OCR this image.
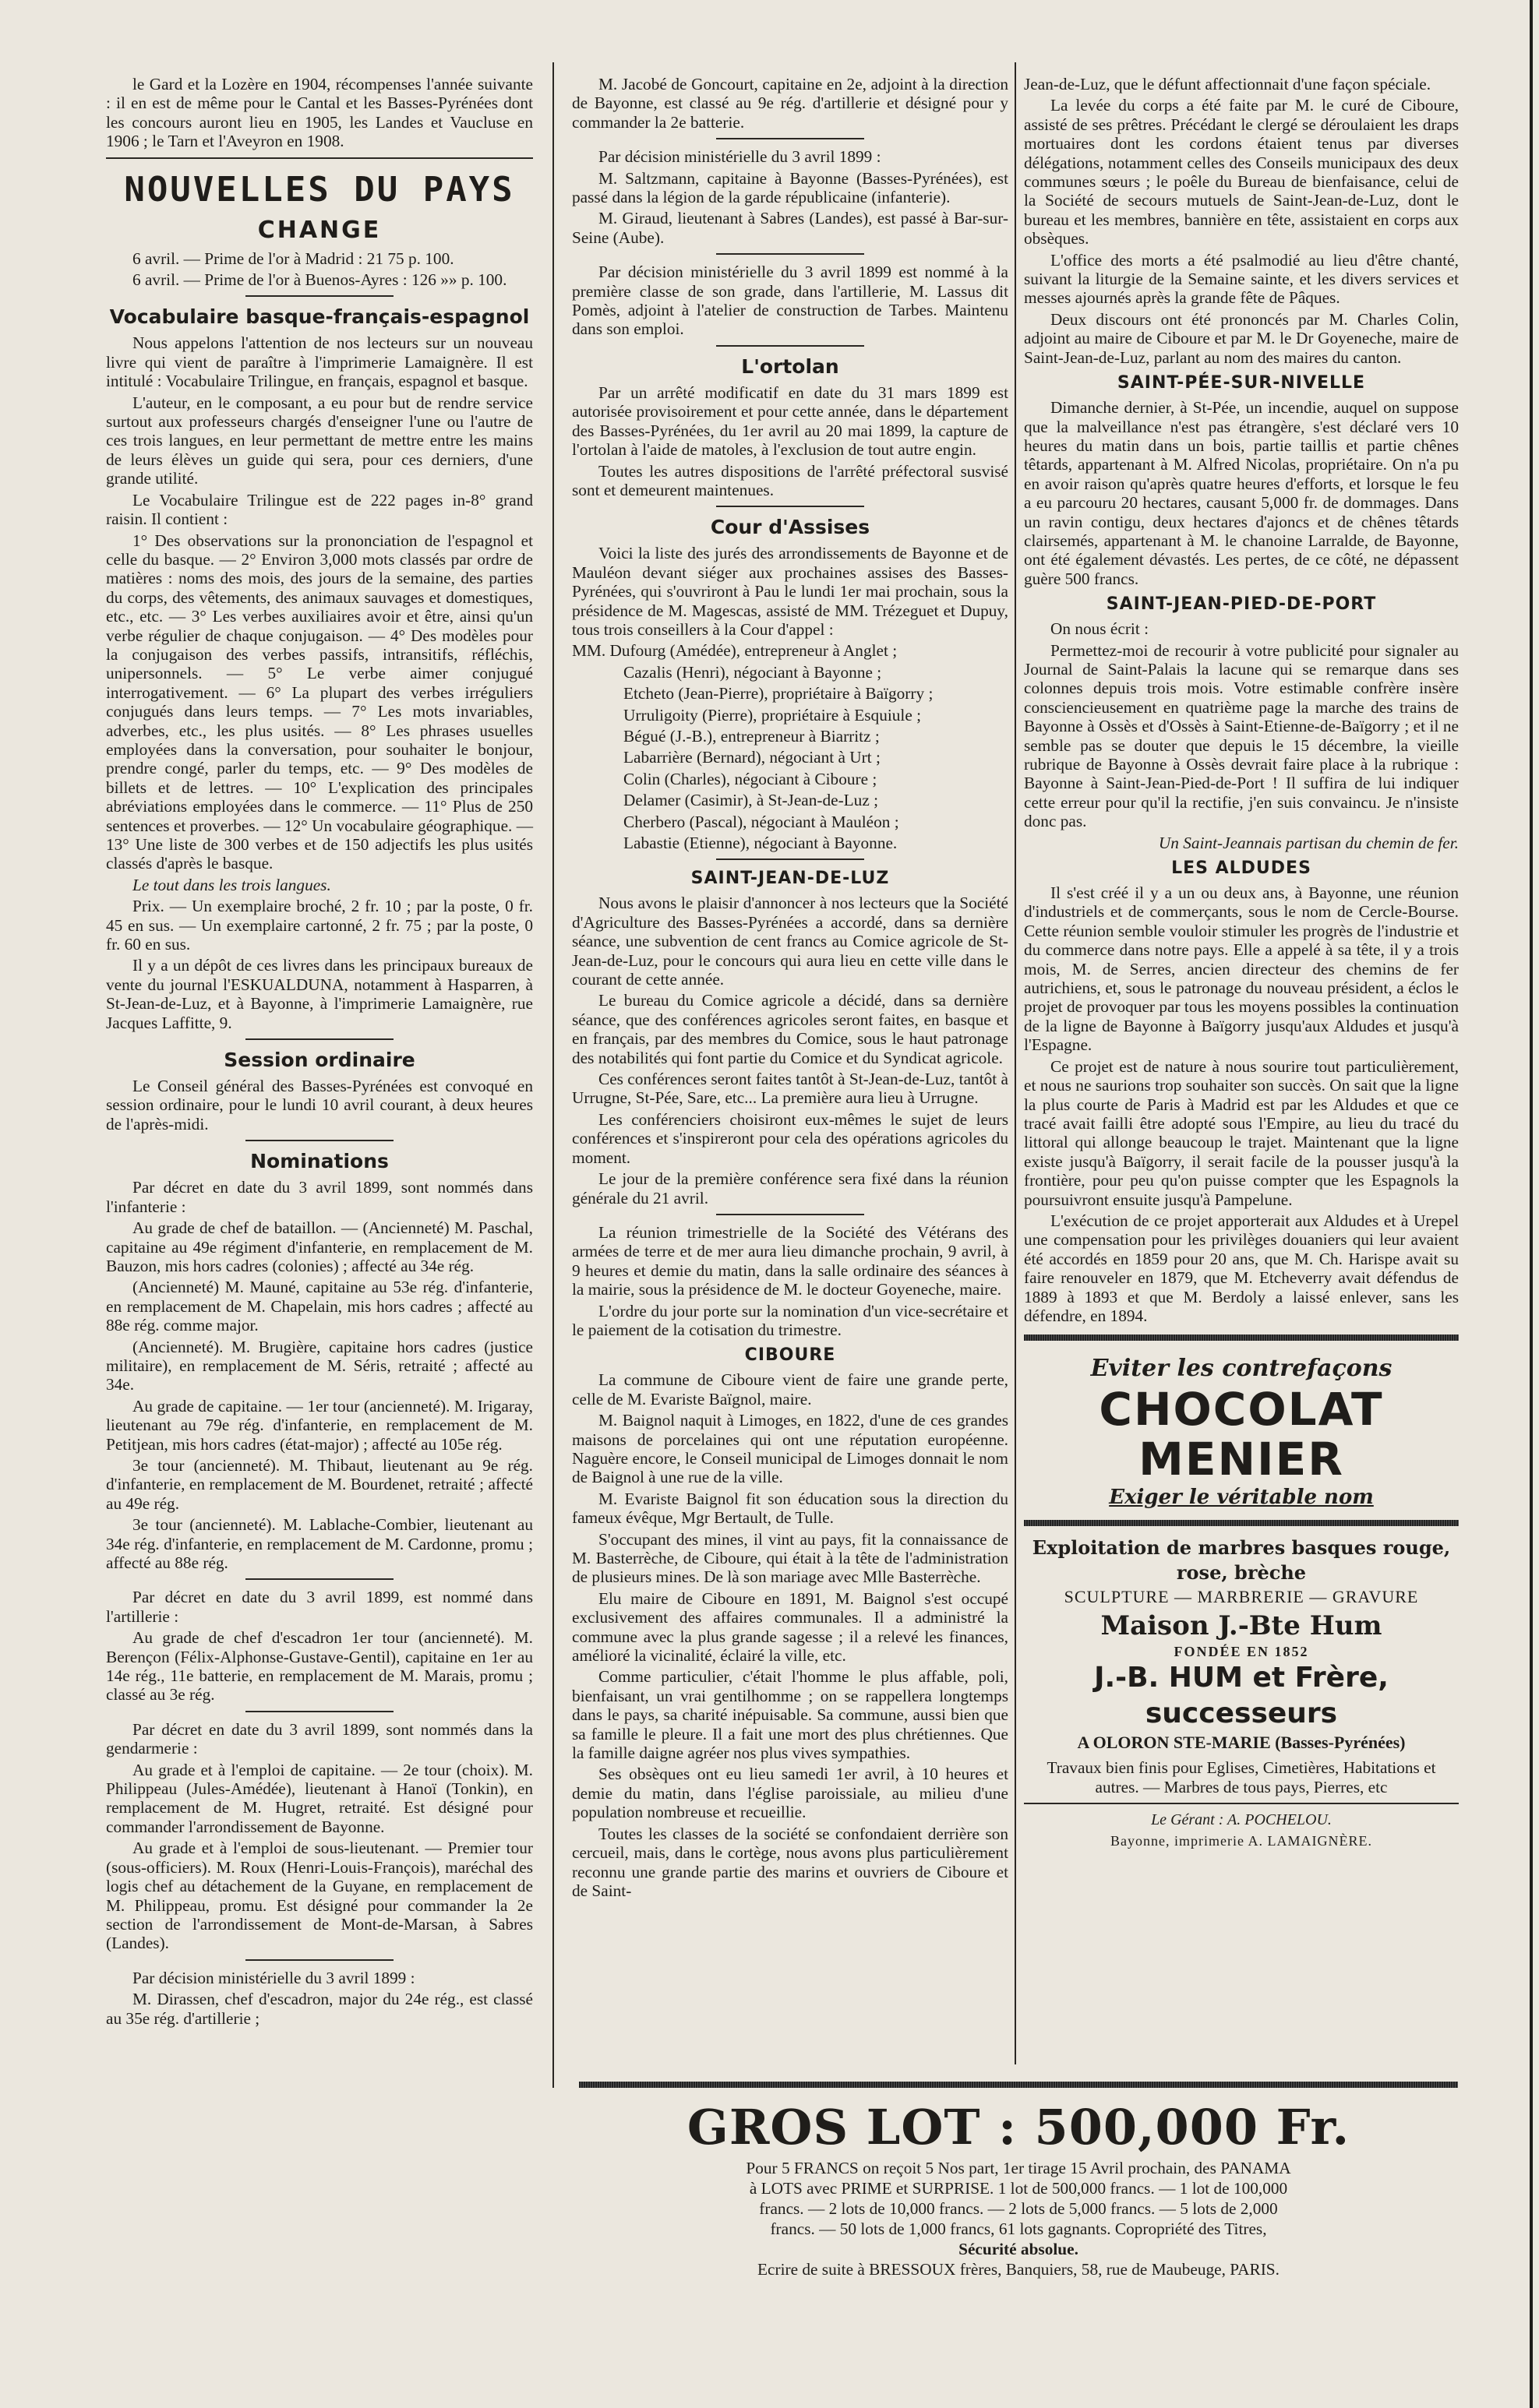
le Gard et la Lozère en 1904, récompenses l'année suivante : il en est de même pour le Cantal et les Basses-Pyrénées dont les concours auront lieu en 1905, les Landes et Vaucluse en 1906 ; le Tarn et l'Aveyron en 1908.

NOUVELLES DU PAYS
CHANGE

6 avril. — Prime de l'or à Madrid : 21 75 p. 100.

6 avril. — Prime de l'or à Buenos-Ayres : 126 »» p. 100.

Vocabulaire basque-français-espagnol

Nous appelons l'attention de nos lecteurs sur un nouveau livre qui vient de paraître à l'imprimerie Lamaignère. Il est intitulé : Vocabulaire Trilingue, en français, espagnol et basque.

L'auteur, en le composant, a eu pour but de rendre service surtout aux professeurs chargés d'enseigner l'une ou l'autre de ces trois langues, en leur permettant de mettre entre les mains de leurs élèves un guide qui sera, pour ces derniers, d'une grande utilité.

Le Vocabulaire Trilingue est de 222 pages in-8° grand raisin. Il contient :

1° Des observations sur la prononciation de l'espagnol et celle du basque. — 2° Environ 3,000 mots classés par ordre de matières : noms des mois, des jours de la semaine, des parties du corps, des vêtements, des animaux sauvages et domestiques, etc., etc. — 3° Les verbes auxiliaires avoir et être, ainsi qu'un verbe régulier de chaque conjugaison. — 4° Des modèles pour la conjugaison des verbes passifs, intransitifs, réfléchis, unipersonnels. — 5° Le verbe aimer conjugué interrogativement. — 6° La plupart des verbes irréguliers conjugués dans leurs temps. — 7° Les mots invariables, adverbes, etc., les plus usités. — 8° Les phrases usuelles employées dans la conversation, pour souhaiter le bonjour, prendre congé, parler du temps, etc. — 9° Des modèles de billets et de lettres. — 10° L'explication des principales abréviations employées dans le commerce. — 11° Plus de 250 sentences et proverbes. — 12° Un vocabulaire géographique. — 13° Une liste de 300 verbes et de 150 adjectifs les plus usités classés d'après le basque.

Le tout dans les trois langues.

Prix. — Un exemplaire broché, 2 fr. 10 ; par la poste, 0 fr. 45 en sus. — Un exemplaire cartonné, 2 fr. 75 ; par la poste, 0 fr. 60 en sus.

Il y a un dépôt de ces livres dans les principaux bureaux de vente du journal l'ESKUALDUNA, notamment à Hasparren, à St-Jean-de-Luz, et à Bayonne, à l'imprimerie Lamaignère, rue Jacques Laffitte, 9.

Session ordinaire

Le Conseil général des Basses-Pyrénées est convoqué en session ordinaire, pour le lundi 10 avril courant, à deux heures de l'après-midi.

Nominations

Par décret en date du 3 avril 1899, sont nommés dans l'infanterie :

Au grade de chef de bataillon. — (Ancienneté) M. Paschal, capitaine au 49e régiment d'infanterie, en remplacement de M. Bauzon, mis hors cadres (colonies) ; affecté au 34e rég.

(Ancienneté) M. Mauné, capitaine au 53e rég. d'infanterie, en remplacement de M. Chapelain, mis hors cadres ; affecté au 88e rég. comme major.

(Ancienneté). M. Brugière, capitaine hors cadres (justice militaire), en remplacement de M. Séris, retraité ; affecté au 34e.

Au grade de capitaine. — 1er tour (ancienneté). M. Irigaray, lieutenant au 79e rég. d'infanterie, en remplacement de M. Petitjean, mis hors cadres (état-major) ; affecté au 105e rég.

3e tour (ancienneté). M. Thibaut, lieutenant au 9e rég. d'infanterie, en remplacement de M. Bourdenet, retraité ; affecté au 49e rég.

3e tour (ancienneté). M. Lablache-Combier, lieutenant au 34e rég. d'infanterie, en remplacement de M. Cardonne, promu ; affecté au 88e rég.

Par décret en date du 3 avril 1899, est nommé dans l'artillerie :

Au grade de chef d'escadron 1er tour (ancienneté). M. Berençon (Félix-Alphonse-Gustave-Gentil), capitaine en 1er au 14e rég., 11e batterie, en remplacement de M. Marais, promu ; classé au 3e rég.

Par décret en date du 3 avril 1899, sont nommés dans la gendarmerie :

Au grade et à l'emploi de capitaine. — 2e tour (choix). M. Philippeau (Jules-Amédée), lieutenant à Hanoï (Tonkin), en remplacement de M. Hugret, retraité. Est désigné pour commander l'arrondissement de Bayonne.

Au grade et à l'emploi de sous-lieutenant. — Premier tour (sous-officiers). M. Roux (Henri-Louis-François), maréchal des logis chef au détachement de la Guyane, en remplacement de M. Philippeau, promu. Est désigné pour commander la 2e section de l'arrondissement de Mont-de-Marsan, à Sabres (Landes).

Par décision ministérielle du 3 avril 1899 :

M. Dirassen, chef d'escadron, major du 24e rég., est classé au 35e rég. d'artillerie ;

M. Jacobé de Goncourt, capitaine en 2e, adjoint à la direction de Bayonne, est classé au 9e rég. d'artillerie et désigné pour y commander la 2e batterie.

Par décision ministérielle du 3 avril 1899 :

M. Saltzmann, capitaine à Bayonne (Basses-Pyrénées), est passé dans la légion de la garde républicaine (infanterie).

M. Giraud, lieutenant à Sabres (Landes), est passé à Bar-sur-Seine (Aube).

Par décision ministérielle du 3 avril 1899 est nommé à la première classe de son grade, dans l'artillerie, M. Lassus dit Pomès, adjoint à l'atelier de construction de Tarbes. Maintenu dans son emploi.

L'ortolan

Par un arrêté modificatif en date du 31 mars 1899 est autorisée provisoirement et pour cette année, dans le département des Basses-Pyrénées, du 1er avril au 20 mai 1899, la capture de l'ortolan à l'aide de matoles, à l'exclusion de tout autre engin.

Toutes les autres dispositions de l'arrêté préfectoral susvisé sont et demeurent maintenues.

Cour d'Assises

Voici la liste des jurés des arrondissements de Bayonne et de Mauléon devant siéger aux prochaines assises des Basses-Pyrénées, qui s'ouvriront à Pau le lundi 1er mai prochain, sous la présidence de M. Magescas, assisté de MM. Trézeguet et Dupuy, tous trois conseillers à la Cour d'appel :

MM. Dufourg (Amédée), entrepreneur à Anglet ;

Cazalis (Henri), négociant à Bayonne ;

Etcheto (Jean-Pierre), propriétaire à Baïgorry ;

Urruligoity (Pierre), propriétaire à Esquiule ;

Bégué (J.-B.), entrepreneur à Biarritz ;

Labarrière (Bernard), négociant à Urt ;

Colin (Charles), négociant à Ciboure ;

Delamer (Casimir), à St-Jean-de-Luz ;

Cherbero (Pascal), négociant à Mauléon ;

Labastie (Etienne), négociant à Bayonne.

SAINT-JEAN-DE-LUZ

Nous avons le plaisir d'annoncer à nos lecteurs que la Société d'Agriculture des Basses-Pyrénées a accordé, dans sa dernière séance, une subvention de cent francs au Comice agricole de St-Jean-de-Luz, pour le concours qui aura lieu en cette ville dans le courant de cette année.

Le bureau du Comice agricole a décidé, dans sa dernière séance, que des conférences agricoles seront faites, en basque et en français, par des membres du Comice, sous le haut patronage des notabilités qui font partie du Comice et du Syndicat agricole.

Ces conférences seront faites tantôt à St-Jean-de-Luz, tantôt à Urrugne, St-Pée, Sare, etc... La première aura lieu à Urrugne.

Les conférenciers choisiront eux-mêmes le sujet de leurs conférences et s'inspireront pour cela des opérations agricoles du moment.

Le jour de la première conférence sera fixé dans la réunion générale du 21 avril.

La réunion trimestrielle de la Société des Vétérans des armées de terre et de mer aura lieu dimanche prochain, 9 avril, à 9 heures et demie du matin, dans la salle ordinaire des séances à la mairie, sous la présidence de M. le docteur Goyeneche, maire.

L'ordre du jour porte sur la nomination d'un vice-secrétaire et le paiement de la cotisation du trimestre.

CIBOURE

La commune de Ciboure vient de faire une grande perte, celle de M. Evariste Baïgnol, maire.

M. Baignol naquit à Limoges, en 1822, d'une de ces grandes maisons de porcelaines qui ont une réputation européenne. Naguère encore, le Conseil municipal de Limoges donnait le nom de Baignol à une rue de la ville.

M. Evariste Baignol fit son éducation sous la direction du fameux évêque, Mgr Bertault, de Tulle.

S'occupant des mines, il vint au pays, fit la connaissance de M. Basterrèche, de Ciboure, qui était à la tête de l'administration de plusieurs mines. De là son mariage avec Mlle Basterrèche.

Elu maire de Ciboure en 1891, M. Baignol s'est occupé exclusivement des affaires communales. Il a administré la commune avec la plus grande sagesse ; il a relevé les finances, amélioré la vicinalité, éclairé la ville, etc.

Comme particulier, c'était l'homme le plus affable, poli, bienfaisant, un vrai gentilhomme ; on se rappellera longtemps dans le pays, sa charité inépuisable. Sa commune, aussi bien que sa famille le pleure. Il a fait une mort des plus chrétiennes. Que la famille daigne agréer nos plus vives sympathies.

Ses obsèques ont eu lieu samedi 1er avril, à 10 heures et demie du matin, dans l'église paroissiale, au milieu d'une population nombreuse et recueillie.

Toutes les classes de la société se confondaient derrière son cercueil, mais, dans le cortège, nous avons plus particulièrement reconnu une grande partie des marins et ouvriers de Ciboure et de Saint-

Jean-de-Luz, que le défunt affectionnait d'une façon spéciale.

La levée du corps a été faite par M. le curé de Ciboure, assisté de ses prêtres. Précédant le clergé se déroulaient les draps mortuaires dont les cordons étaient tenus par diverses délégations, notamment celles des Conseils municipaux des deux communes sœurs ; le poêle du Bureau de bienfaisance, celui de la Société de secours mutuels de Saint-Jean-de-Luz, dont le bureau et les membres, bannière en tête, assistaient en corps aux obsèques.

L'office des morts a été psalmodié au lieu d'être chanté, suivant la liturgie de la Semaine sainte, et les divers services et messes ajournés après la grande fête de Pâques.

Deux discours ont été prononcés par M. Charles Colin, adjoint au maire de Ciboure et par M. le Dr Goyeneche, maire de Saint-Jean-de-Luz, parlant au nom des maires du canton.

SAINT-PÉE-SUR-NIVELLE

Dimanche dernier, à St-Pée, un incendie, auquel on suppose que la malveillance n'est pas étrangère, s'est déclaré vers 10 heures du matin dans un bois, partie taillis et partie chênes têtards, appartenant à M. Alfred Nicolas, propriétaire. On n'a pu en avoir raison qu'après quatre heures d'efforts, et lorsque le feu a eu parcouru 20 hectares, causant 5,000 fr. de dommages. Dans un ravin contigu, deux hectares d'ajoncs et de chênes têtards clairsemés, appartenant à M. le chanoine Larralde, de Bayonne, ont été également dévastés. Les pertes, de ce côté, ne dépassent guère 500 francs.

SAINT-JEAN-PIED-DE-PORT

On nous écrit :

Permettez-moi de recourir à votre publicité pour signaler au Journal de Saint-Palais la lacune qui se remarque dans ses colonnes depuis trois mois. Votre estimable confrère insère consciencieusement en quatrième page la marche des trains de Bayonne à Ossès et d'Ossès à Saint-Etienne-de-Baïgorry ; et il ne semble pas se douter que depuis le 15 décembre, la vieille rubrique de Bayonne à Ossès devrait faire place à la rubrique : Bayonne à Saint-Jean-Pied-de-Port ! Il suffira de lui indiquer cette erreur pour qu'il la rectifie, j'en suis convaincu. Je n'insiste donc pas.

Un Saint-Jeannais partisan du chemin de fer.

LES ALDUDES

Il s'est créé il y a un ou deux ans, à Bayonne, une réunion d'industriels et de commerçants, sous le nom de Cercle-Bourse. Cette réunion semble vouloir stimuler les progrès de l'industrie et du commerce dans notre pays. Elle a appelé à sa tête, il y a trois mois, M. de Serres, ancien directeur des chemins de fer autrichiens, et, sous le patronage du nouveau président, a éclos le projet de provoquer par tous les moyens possibles la continuation de la ligne de Bayonne à Baïgorry jusqu'aux Aldudes et jusqu'à l'Espagne.

Ce projet est de nature à nous sourire tout particulièrement, et nous ne saurions trop souhaiter son succès. On sait que la ligne la plus courte de Paris à Madrid est par les Aldudes et que ce tracé avait failli être adopté sous l'Empire, au lieu du tracé du littoral qui allonge beaucoup le trajet. Maintenant que la ligne existe jusqu'à Baïgorry, il serait facile de la pousser jusqu'à la frontière, pour peu qu'on puisse compter que les Espagnols la poursuivront ensuite jusqu'à Pampelune.

L'exécution de ce projet apporterait aux Aldudes et à Urepel une compensation pour les privilèges douaniers qui leur avaient été accordés en 1859 pour 20 ans, que M. Ch. Harispe avait su faire renouveler en 1879, que M. Etcheverry avait défendus de 1889 à 1893 et que M. Berdoly a laissé enlever, sans les défendre, en 1894.

Eviter les contrefaçons
CHOCOLAT
MENIER
Exiger le véritable nom
Exploitation de marbres basques rouge, rose, brèche
SCULPTURE — MARBRERIE — GRAVURE
Maison J.-Bte Hum
FONDÉE EN 1852
J.-B. HUM et Frère, successeurs
A OLORON STE-MARIE (Basses-Pyrénées)

Travaux bien finis pour Eglises, Cimetières, Habitations et autres. — Marbres de tous pays, Pierres, etc

Le Gérant : A. POCHELOU.
Bayonne, imprimerie A. LAMAIGNÈRE.
GROS LOT : 500,000 Fr.
Pour 5 FRANCS on reçoit 5 Nos part, 1er tirage 15 Avril prochain, des PANAMA
à LOTS avec PRIME et SURPRISE. 1 lot de 500,000 francs. — 1 lot de 100,000
francs. — 2 lots de 10,000 francs. — 2 lots de 5,000 francs. — 5 lots de 2,000
francs. — 50 lots de 1,000 francs, 61 lots gagnants. Copropriété des Titres,
Sécurité absolue.
Ecrire de suite à BRESSOUX frères, Banquiers, 58, rue de Maubeuge, PARIS.
